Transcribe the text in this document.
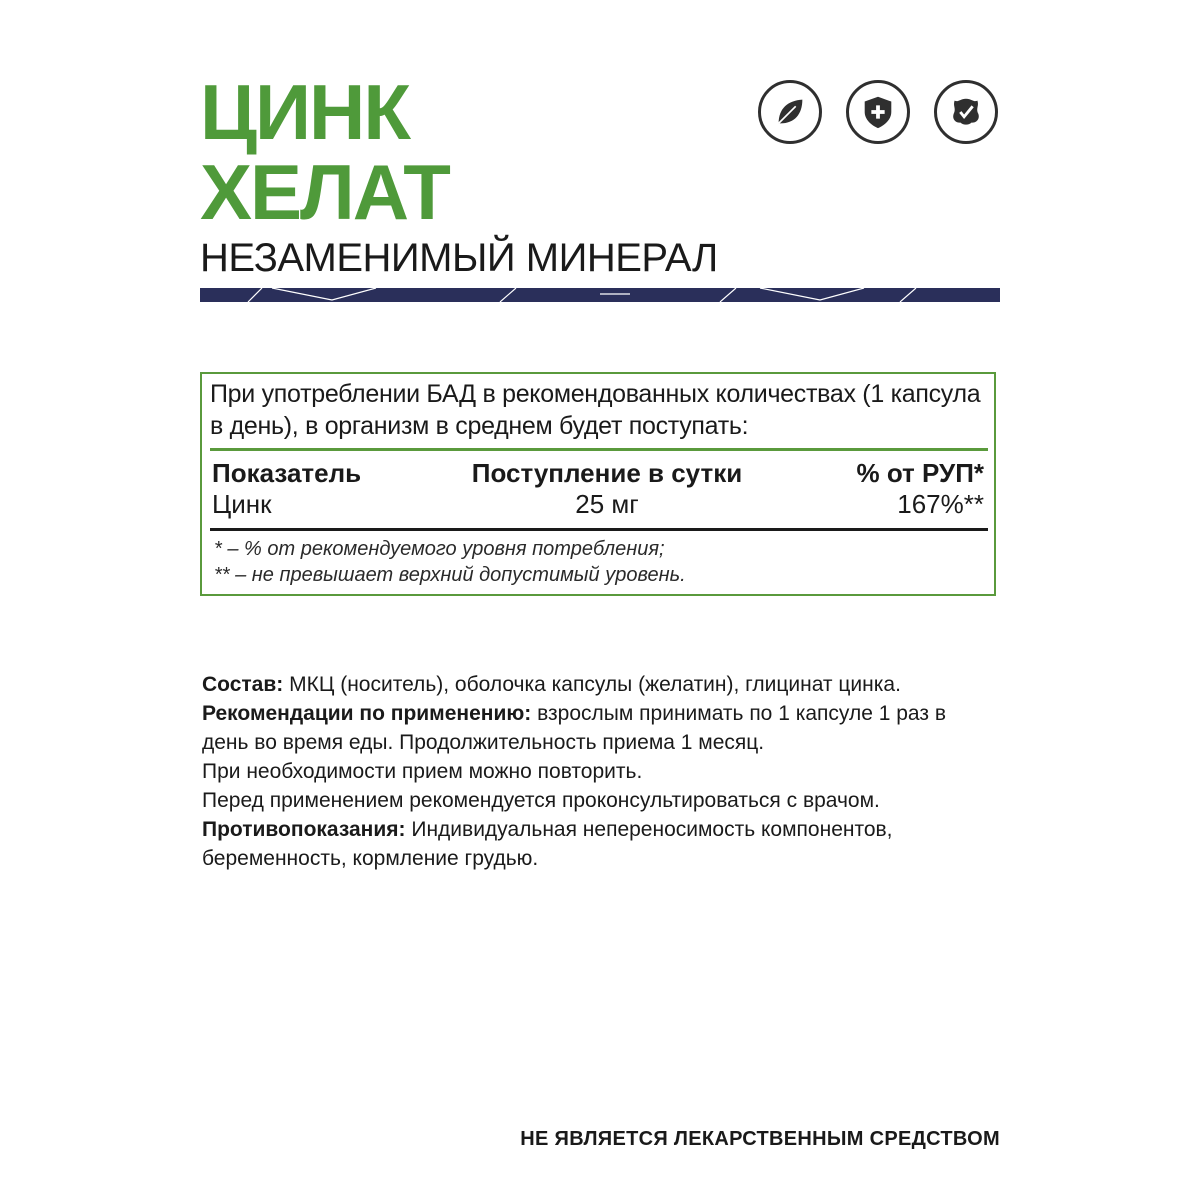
ЦИНК
ХЕЛАТ
НЕЗАМЕНИМЫЙ МИНЕРАЛ

При употреблении БАД в рекомендованных количествах (1 капсула в день), в организм в среднем будет поступать:

Показатель	Поступление в сутки	% от РУП*
Цинк	25 мг	167%**

* – % от рекомендуемого уровня потребления;

** – не превышает верхний допустимый уровень.

Состав: МКЦ (носитель), оболочка капсулы (желатин), глицинат цинка.

Рекомендации по применению: взрослым принимать по 1 капсуле 1 раз в день во время еды. Продолжительность приема 1 месяц.

При необходимости прием можно повторить.

Перед применением рекомендуется проконсультироваться с врачом.

Противопоказания: Индивидуальная непереносимость компонентов, беременность, кормление грудью.

НЕ ЯВЛЯЕТСЯ ЛЕКАРСТВЕННЫМ СРЕДСТВОМ
